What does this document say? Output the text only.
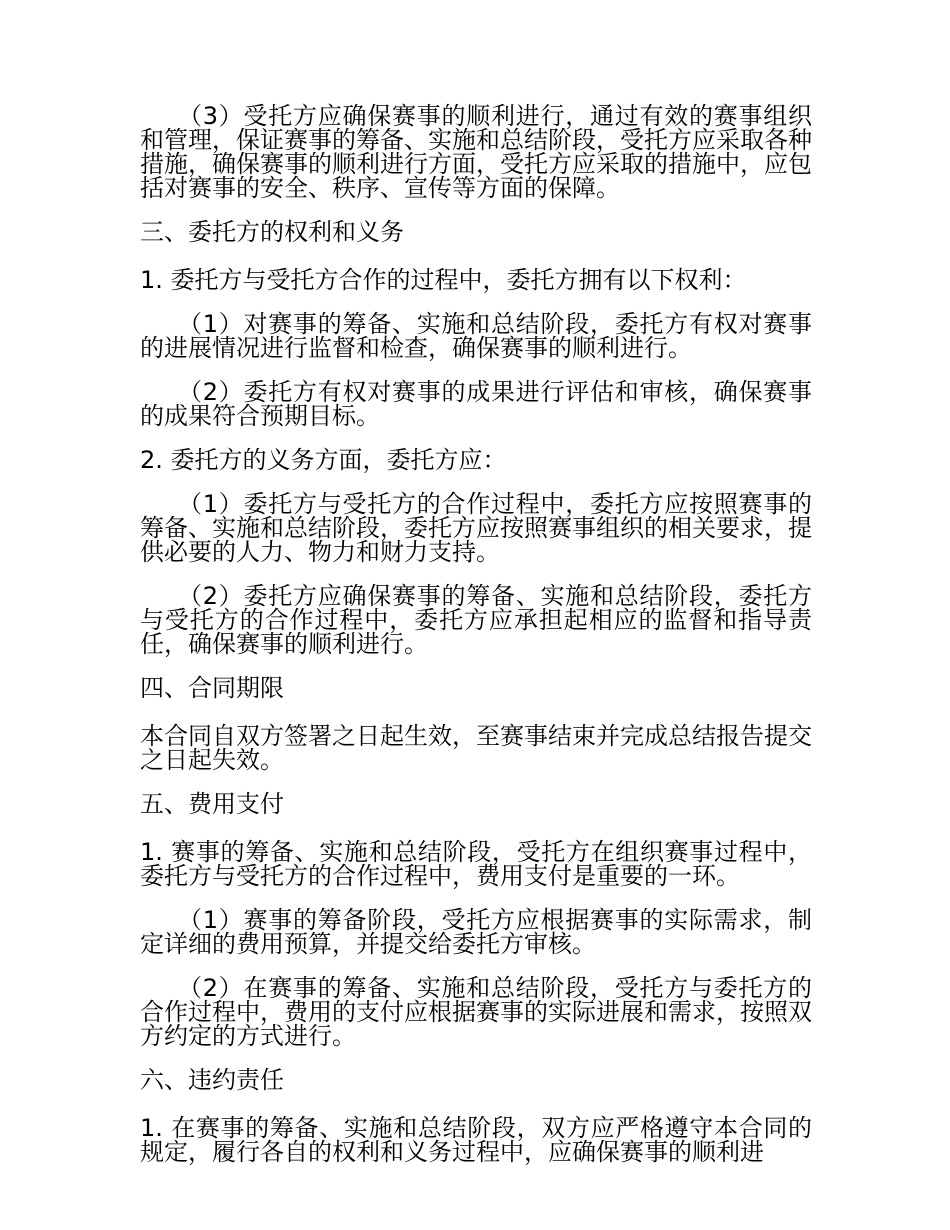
（3）受托方应确保赛事的顺利进行，通过有效的赛事组织和管理，保证赛事的筹备、实施和总结阶段，受托方应采取各种措施，确保赛事的顺利进行方面，受托方应采取的措施中，应包括对赛事的安全、秩序、宣传等方面的保障。

三、委托方的权利和义务

1. 委托方与受托方合作的过程中，委托方拥有以下权利：

（1）对赛事的筹备、实施和总结阶段，委托方有权对赛事的进展情况进行监督和检查，确保赛事的顺利进行。

（2）委托方有权对赛事的成果进行评估和审核，确保赛事的成果符合预期目标。

2. 委托方的义务方面，委托方应：

（1）委托方与受托方的合作过程中，委托方应按照赛事的筹备、实施和总结阶段，委托方应按照赛事组织的相关要求，提供必要的人力、物力和财力支持。

（2）委托方应确保赛事的筹备、实施和总结阶段，委托方与受托方的合作过程中，委托方应承担起相应的监督和指导责任，确保赛事的顺利进行。

四、合同期限

本合同自双方签署之日起生效，至赛事结束并完成总结报告提交之日起失效。

五、费用支付

1. 赛事的筹备、实施和总结阶段，受托方在组织赛事过程中，委托方与受托方的合作过程中，费用支付是重要的一环。

（1）赛事的筹备阶段，受托方应根据赛事的实际需求，制定详细的费用预算，并提交给委托方审核。

（2）在赛事的筹备、实施和总结阶段，受托方与委托方的合作过程中，费用的支付应根据赛事的实际进展和需求，按照双方约定的方式进行。

六、违约责任

1. 在赛事的筹备、实施和总结阶段，双方应严格遵守本合同的规定，履行各自的权利和义务过程中，应确保赛事的顺利进
